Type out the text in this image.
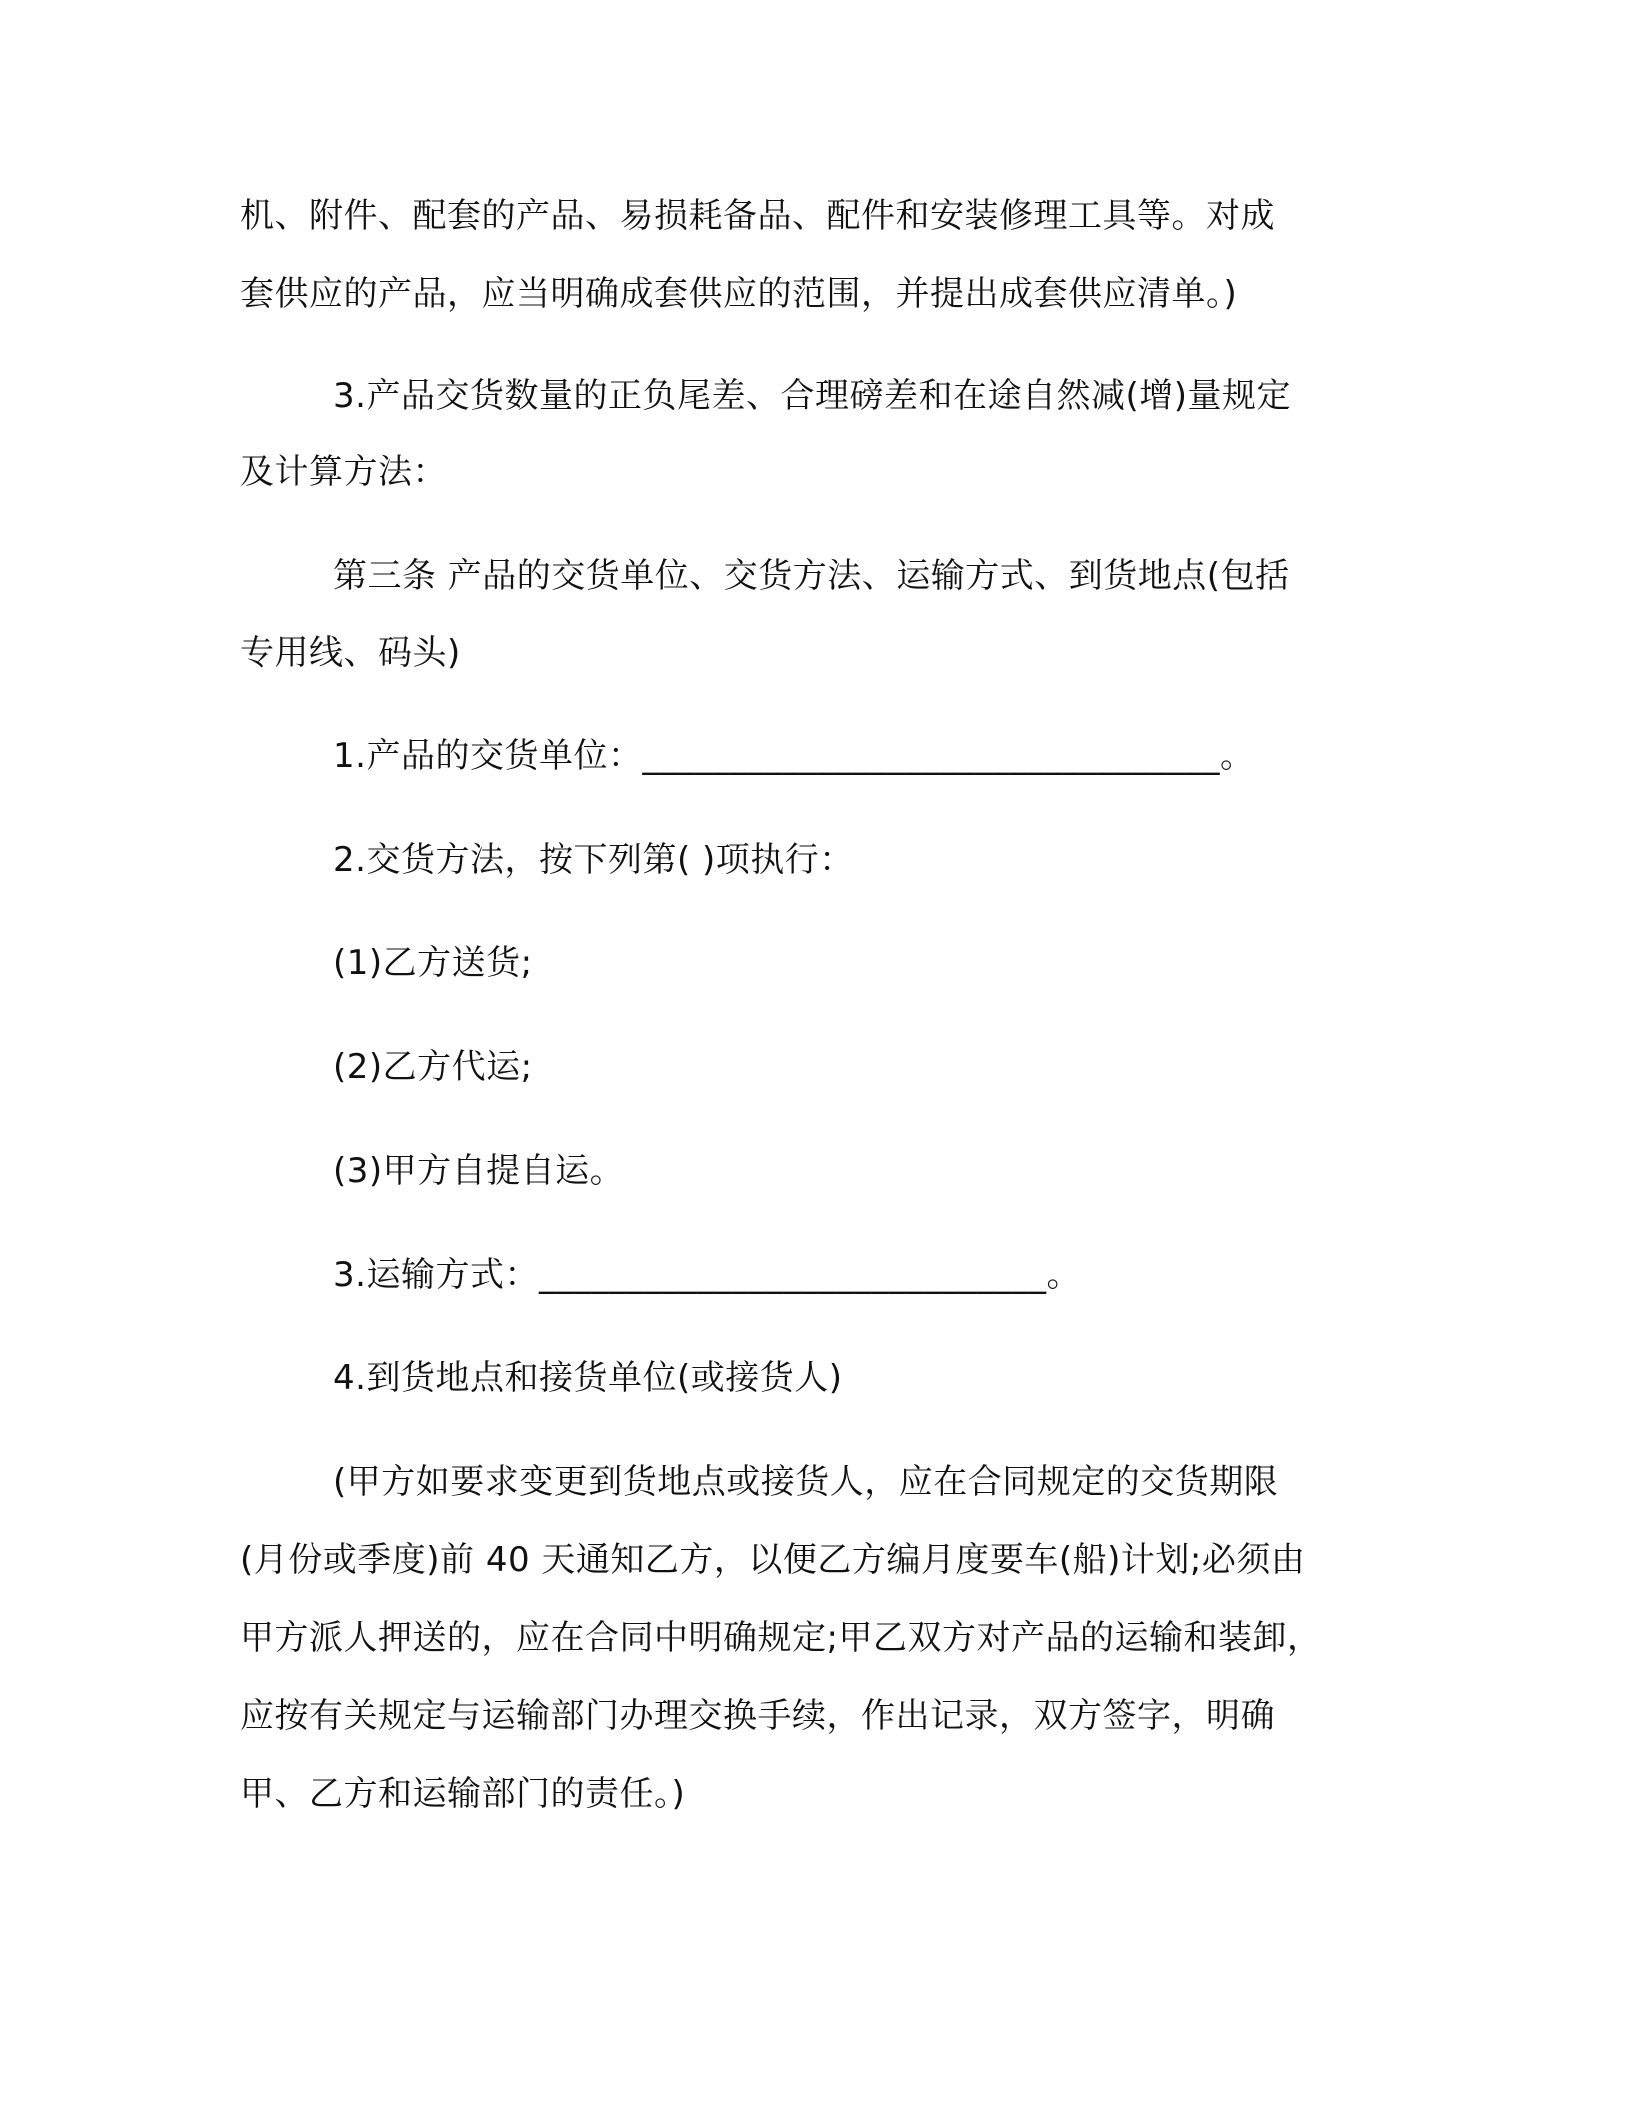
机、附件、配套的产品、易损耗备品、配件和安装修理工具等。对成

套供应的产品，应当明确成套供应的范围，并提出成套供应清单。)

3.产品交货数量的正负尾差、合理磅差和在途自然减(增)量规定

及计算方法：

第三条 产品的交货单位、交货方法、运输方式、到货地点(包括

专用线、码头)

1.产品的交货单位：_________________________________。

2.交货方法，按下列第( )项执行：

(1)乙方送货;

(2)乙方代运;

(3)甲方自提自运。

3.运输方式：_____________________________。

4.到货地点和接货单位(或接货人)

(甲方如要求变更到货地点或接货人，应在合同规定的交货期限

(月份或季度)前 40 天通知乙方，以便乙方编月度要车(船)计划;必须由

甲方派人押送的，应在合同中明确规定;甲乙双方对产品的运输和装卸，

应按有关规定与运输部门办理交换手续，作出记录，双方签字，明确

甲、乙方和运输部门的责任。)
